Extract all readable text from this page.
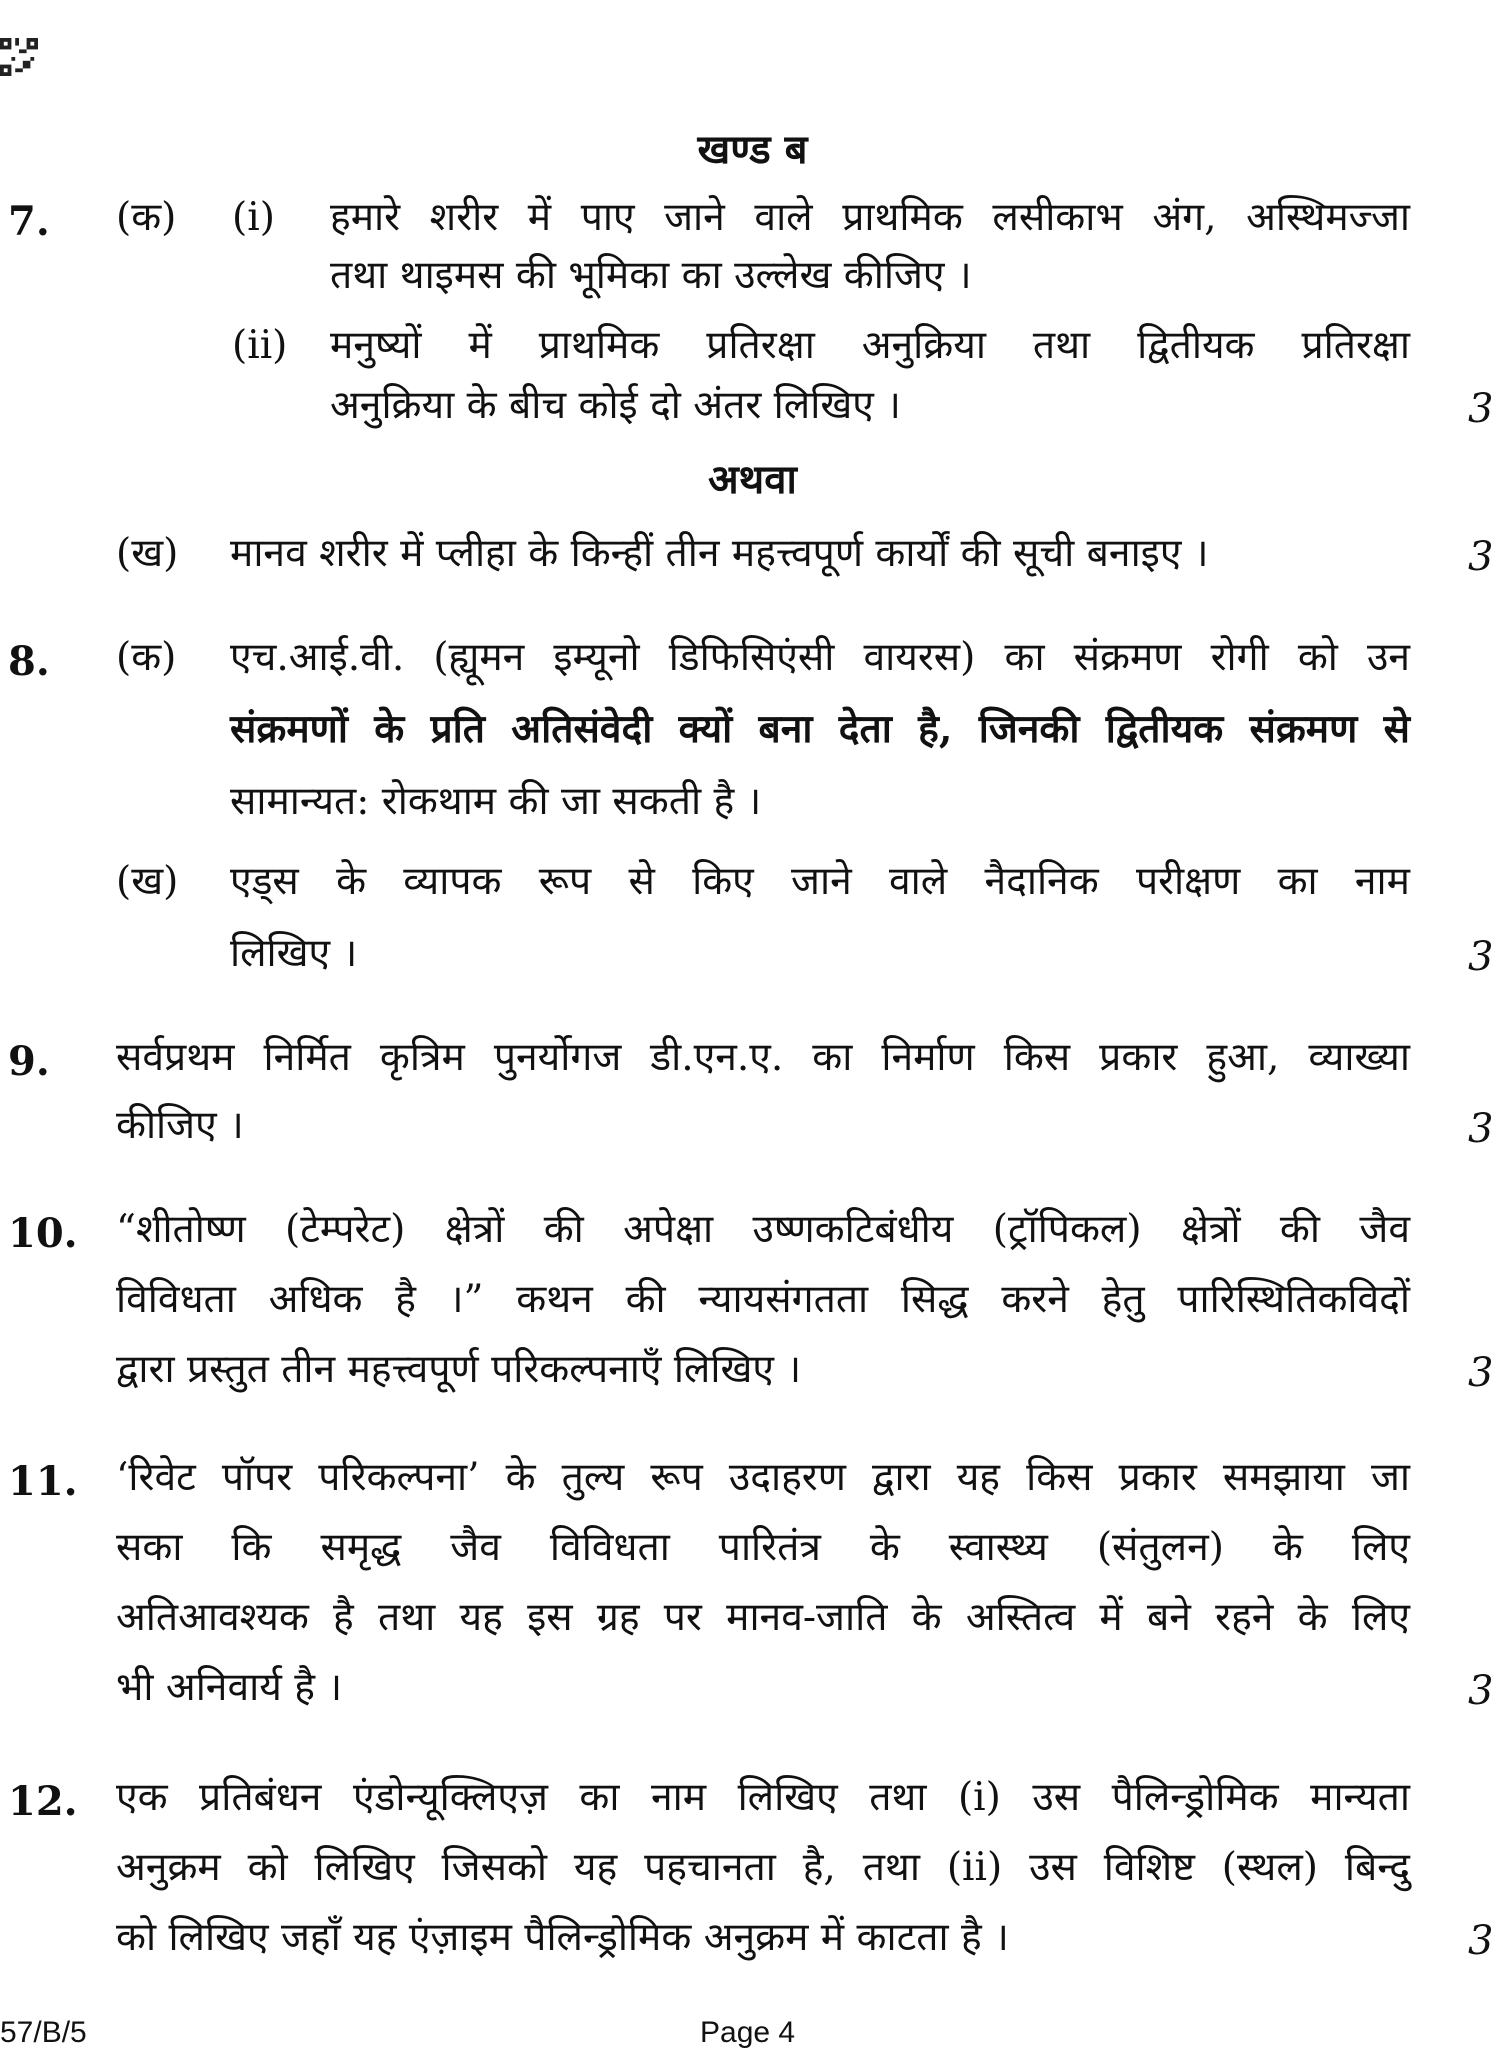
खण्ड ब
7. (क) (i) हमारे शरीर में पाए जाने वाले प्राथमिक लसीकाभ अंग, अस्थिमज्जा
तथा थाइमस की भूमिका का उल्लेख कीजिए ।
(ii) मनुष्यों में प्राथमिक प्रतिरक्षा अनुक्रिया तथा द्वितीयक प्रतिरक्षा
अनुक्रिया के बीच कोई दो अंतर लिखिए ।	3
अथवा
(ख) मानव शरीर में प्लीहा के किन्हीं तीन महत्त्वपूर्ण कार्यों की सूची बनाइए ।	3
8. (क) एच.आई.वी. (ह्यूमन इम्यूनो डिफिसिएंसी वायरस) का संक्रमण रोगी को उन
संक्रमणों के प्रति अतिसंवेदी क्यों बना देता है, जिनकी द्वितीयक संक्रमण से
सामान्यत: रोकथाम की जा सकती है ।
(ख) एड्स के व्यापक रूप से किए जाने वाले नैदानिक परीक्षण का नाम
लिखिए ।	3
9. सर्वप्रथम निर्मित कृत्रिम पुनर्योगज डी.एन.ए. का निर्माण किस प्रकार हुआ, व्याख्या
कीजिए ।	3
10. “शीतोष्ण (टेम्परेट) क्षेत्रों की अपेक्षा उष्णकटिबंधीय (ट्रॉपिकल) क्षेत्रों की जैव
विविधता अधिक है ।” कथन की न्यायसंगतता सिद्ध करने हेतु पारिस्थितिकविदों
द्वारा प्रस्तुत तीन महत्त्वपूर्ण परिकल्पनाएँ लिखिए ।	3
11. ‘रिवेट पॉपर परिकल्पना’ के तुल्य रूप उदाहरण द्वारा यह किस प्रकार समझाया जा
सका कि समृद्ध जैव विविधता पारितंत्र के स्वास्थ्य (संतुलन) के लिए
अतिआवश्यक है तथा यह इस ग्रह पर मानव-जाति के अस्तित्व में बने रहने के लिए
भी अनिवार्य है ।	3
12. एक प्रतिबंधन एंडोन्यूक्लिएज़ का नाम लिखिए तथा (i) उस पैलिन्ड्रोमिक मान्यता
अनुक्रम को लिखिए जिसको यह पहचानता है, तथा (ii) उस विशिष्ट (स्थल) बिन्दु
को लिखिए जहाँ यह एंज़ाइम पैलिन्ड्रोमिक अनुक्रम में काटता है ।	3
57/B/5	Page 4
